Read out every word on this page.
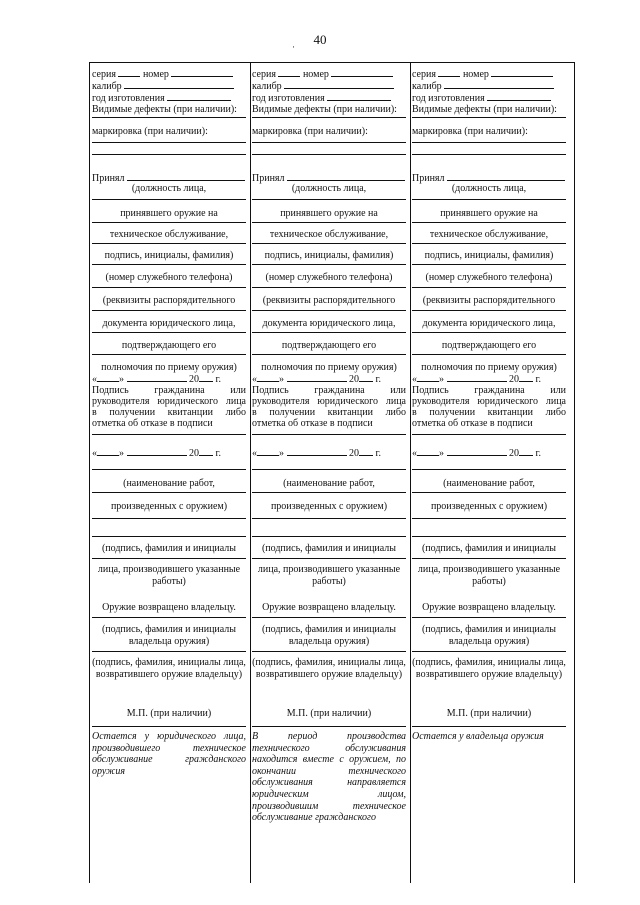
40
·
серия	номер
калибр
год изготовления
Видимые дефекты (при наличии):
маркировка (при наличии):
Принял
(должность лица,
принявшего оружие на
техническое обслуживание,
подпись, инициалы, фамилия)
(номер служебного телефона)
(реквизиты распорядительного
документа юридического лица,
подтверждающего его
полномочия по приему оружия)
« »	20 г.
Подпись гражданина или
руководителя юридического лица
в получении квитанции либо
отметка об отказе в подписи
« »	20 г.
(наименование работ,
произведенных с оружием)
(подпись, фамилия и инициалы
лица, производившего указанные работы)
Оружие возвращено владельцу.
(подпись, фамилия и инициалы владельца оружия)
(подпись, фамилия, инициалы лица, возвратившего оружие владельцу)
М.П. (при наличии)
Остается у юридического лица, производившего техническое обслуживание гражданского оружия
серия	номер
калибр
год изготовления
Видимые дефекты (при наличии):
маркировка (при наличии):
Принял
(должность лица,
принявшего оружие на
техническое обслуживание,
подпись, инициалы, фамилия)
(номер служебного телефона)
(реквизиты распорядительного
документа юридического лица,
подтверждающего его
полномочия по приему оружия)
« »	20 г.
Подпись гражданина или
руководителя юридического лица
в получении квитанции либо
отметка об отказе в подписи
« »	20 г.
(наименование работ,
произведенных с оружием)
(подпись, фамилия и инициалы
лица, производившего указанные работы)
Оружие возвращено владельцу.
(подпись, фамилия и инициалы владельца оружия)
(подпись, фамилия, инициалы лица, возвратившего оружие владельцу)
М.П. (при наличии)
В период производства технического обслуживания находится вместе с оружием, по окончании технического обслуживания направляется юридическим лицом, производившим техническое обслуживание гражданского
серия	номер
калибр
год изготовления
Видимые дефекты (при наличии):
маркировка (при наличии):
Принял
(должность лица,
принявшего оружие на
техническое обслуживание,
подпись, инициалы, фамилия)
(номер служебного телефона)
(реквизиты распорядительного
документа юридического лица,
подтверждающего его
полномочия по приему оружия)
« »	20 г.
Подпись гражданина или
руководителя юридического лица
в получении квитанции либо
отметка об отказе в подписи
« »	20 г.
(наименование работ,
произведенных с оружием)
(подпись, фамилия и инициалы
лица, производившего указанные работы)
Оружие возвращено владельцу.
(подпись, фамилия и инициалы владельца оружия)
(подпись, фамилия, инициалы лица, возвратившего оружие владельцу)
М.П. (при наличии)
Остается у владельца оружия
